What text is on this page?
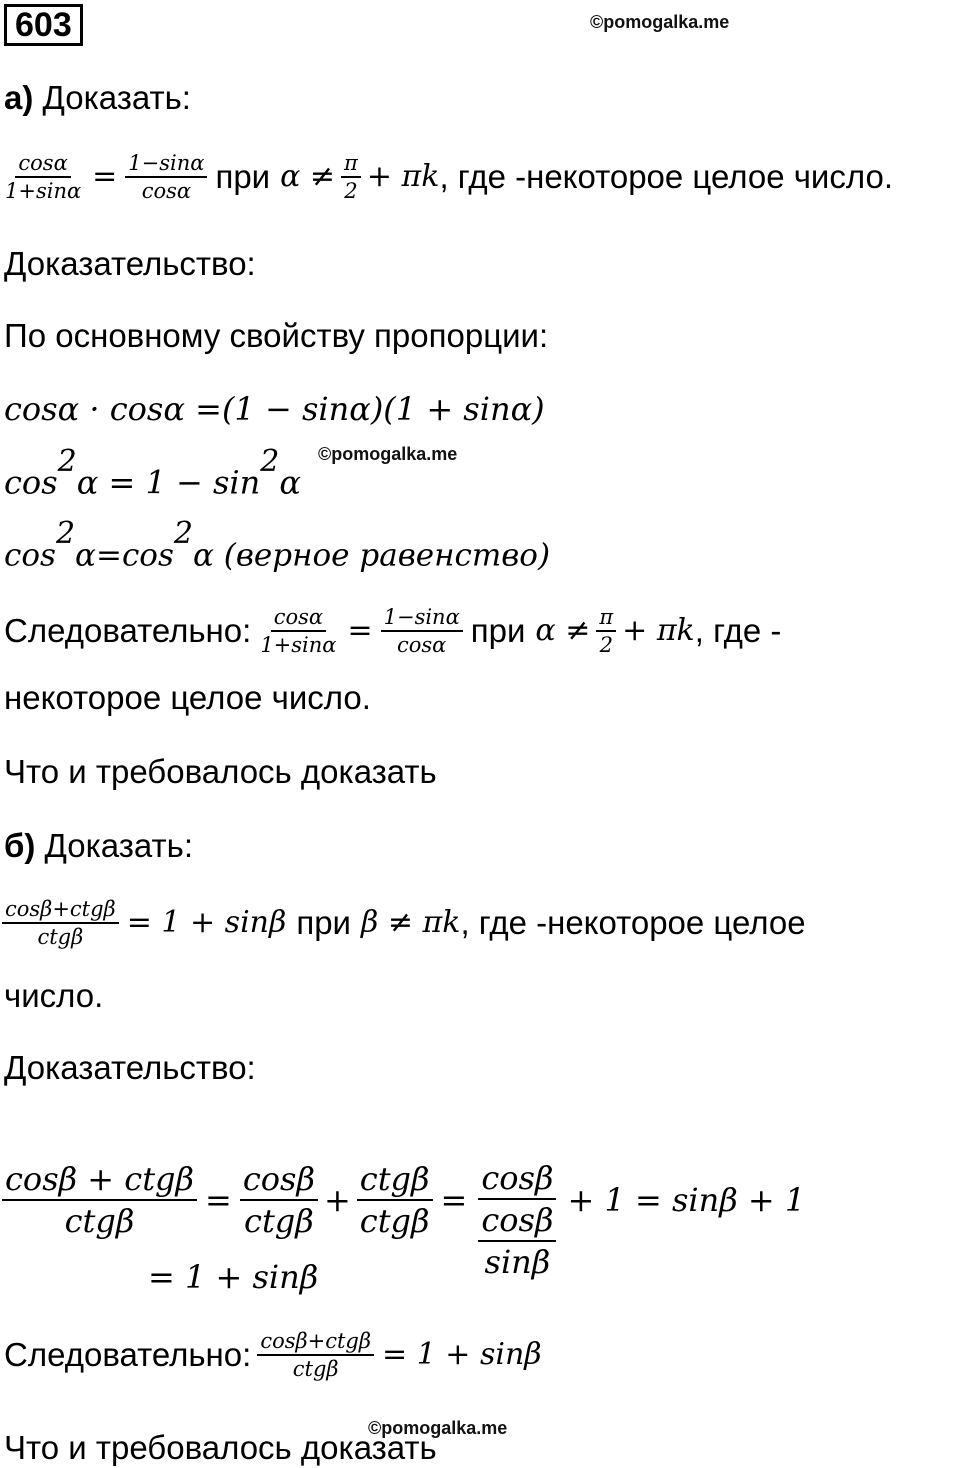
603	©pomogalka.me
а) Доказать:
$\frac{\cos\alpha}{1+\sin\alpha} = \frac{1-\sin\alpha}{\cos\alpha}$ при $\alpha \ne \frac{\pi}{2} + \pi k$ , где -некоторое целое число.
Доказательство:
По основному свойству пропорции:
cosα · cosα =(1 − sinα)(1 + sinα)
©pomogalka.me
$\cos^2\alpha = 1 - \sin^2\alpha$
$\cos^2\alpha=\cos^2\alpha$ (верное равенство)
Следовательно: $\frac{\cos\alpha}{1+\sin\alpha} = \frac{1-\sin\alpha}{\cos\alpha}$ при $\alpha \ne \frac{\pi}{2} + \pi k$ , где -
некоторое целое число.
Что и требовалось доказать
б) Доказать:
$\frac{\text{cosβ+ctgβ}}{\text{ctgβ}} = 1 + \sin\beta$ при β ≠ πk , где -некоторое целое
число.
Доказательство:
$\frac{\text{cosβ + ctgβ}}{\text{ctgβ}} = \frac{\cos\beta}{\text{ctgβ}} + \frac{\text{ctgβ}}{\text{ctgβ}} = \frac{\cos\beta}{\frac{\cos\beta}{\sin\beta}} + 1 = \sin\beta + 1$
= 1 + sinβ
Следовательно: $\frac{\text{cosβ+ctgβ}}{\text{ctgβ}} = 1 + \sin\beta$
©pomogalka.me
Что и требовалось доказать
